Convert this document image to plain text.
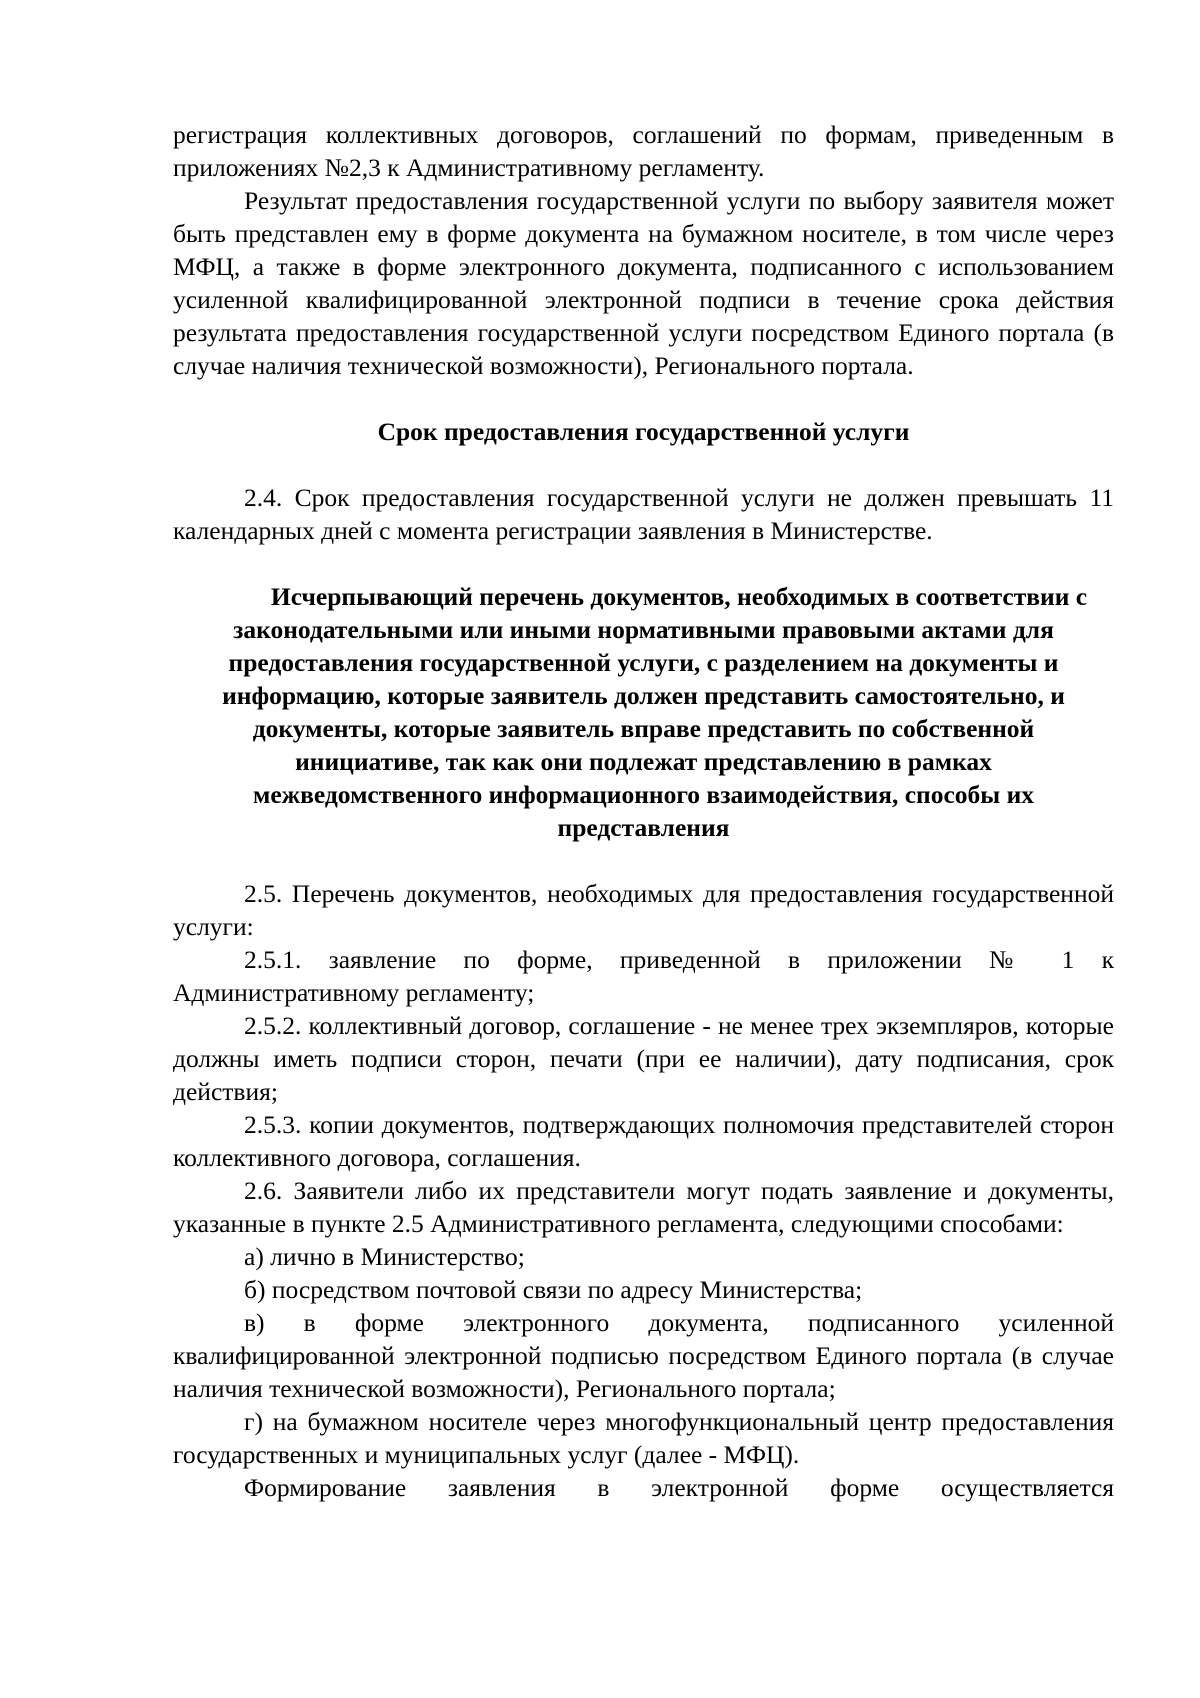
регистрация коллективных договоров, соглашений по формам, приведенным в приложениях №2,3 к Административному регламенту.

Результат предоставления государственной услуги по выбору заявителя может быть представлен ему в форме документа на бумажном носителе, в том числе через МФЦ, а также в форме электронного документа, подписанного с использованием усиленной квалифицированной электронной подписи в течение срока действия результата предоставления государственной услуги посредством Единого портала (в случае наличия технической возможности), Регионального портала.

Срок предоставления государственной услуги

2.4. Срок предоставления государственной услуги не должен превышать 11 календарных дней с момента регистрации заявления в Министерстве.

Исчерпывающий перечень документов, необходимых в соответствии с законодательными или иными нормативными правовыми актами для предоставления государственной услуги, с разделением на документы и информацию, которые заявитель должен представить самостоятельно, и документы, которые заявитель вправе представить по собственной инициативе, так как они подлежат представлению в рамках межведомственного информационного взаимодействия, способы их представления

2.5. Перечень документов, необходимых для предоставления государственной услуги:

2.5.1. заявление по форме, приведенной в приложении № 1 к Административному регламенту;

2.5.2. коллективный договор, соглашение - не менее трех экземпляров, которые должны иметь подписи сторон, печати (при ее наличии), дату подписания, срок действия;

2.5.3. копии документов, подтверждающих полномочия представителей сторон коллективного договора, соглашения.

2.6. Заявители либо их представители могут подать заявление и документы, указанные в пункте 2.5 Административного регламента, следующими способами:

а) лично в Министерство;

б) посредством почтовой связи по адресу Министерства;

в) в форме электронного документа, подписанного усиленной квалифицированной электронной подписью посредством Единого портала (в случае наличия технической возможности), Регионального портала;

г) на бумажном носителе через многофункциональный центр предоставления государственных и муниципальных услуг (далее - МФЦ).

Формирование заявления в электронной форме осуществляется
